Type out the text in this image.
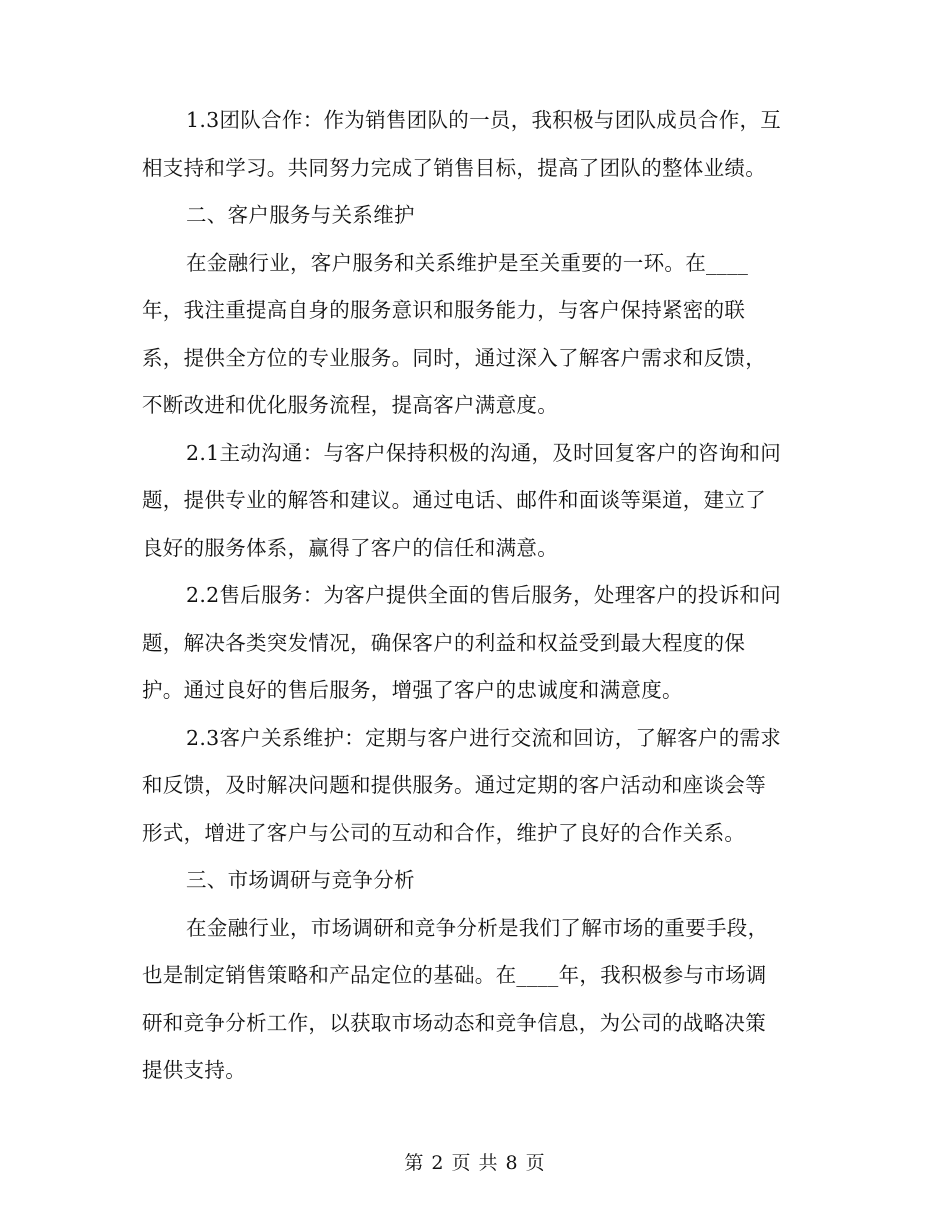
1.3团队合作：作为销售团队的一员，我积极与团队成员合作，互
相支持和学习。共同努力完成了销售目标，提高了团队的整体业绩。

二、客户服务与关系维护

在金融行业，客户服务和关系维护是至关重要的一环。在____
年，我注重提高自身的服务意识和服务能力，与客户保持紧密的联
系，提供全方位的专业服务。同时，通过深入了解客户需求和反馈，
不断改进和优化服务流程，提高客户满意度。

2.1主动沟通：与客户保持积极的沟通，及时回复客户的咨询和问
题，提供专业的解答和建议。通过电话、邮件和面谈等渠道，建立了
良好的服务体系，赢得了客户的信任和满意。

2.2售后服务：为客户提供全面的售后服务，处理客户的投诉和问
题，解决各类突发情况，确保客户的利益和权益受到最大程度的保
护。通过良好的售后服务，增强了客户的忠诚度和满意度。

2.3客户关系维护：定期与客户进行交流和回访，了解客户的需求
和反馈，及时解决问题和提供服务。通过定期的客户活动和座谈会等
形式，增进了客户与公司的互动和合作，维护了良好的合作关系。

三、市场调研与竞争分析

在金融行业，市场调研和竞争分析是我们了解市场的重要手段，
也是制定销售策略和产品定位的基础。在____年，我积极参与市场调
研和竞争分析工作，以获取市场动态和竞争信息，为公司的战略决策
提供支持。

第 2 页 共 8 页
